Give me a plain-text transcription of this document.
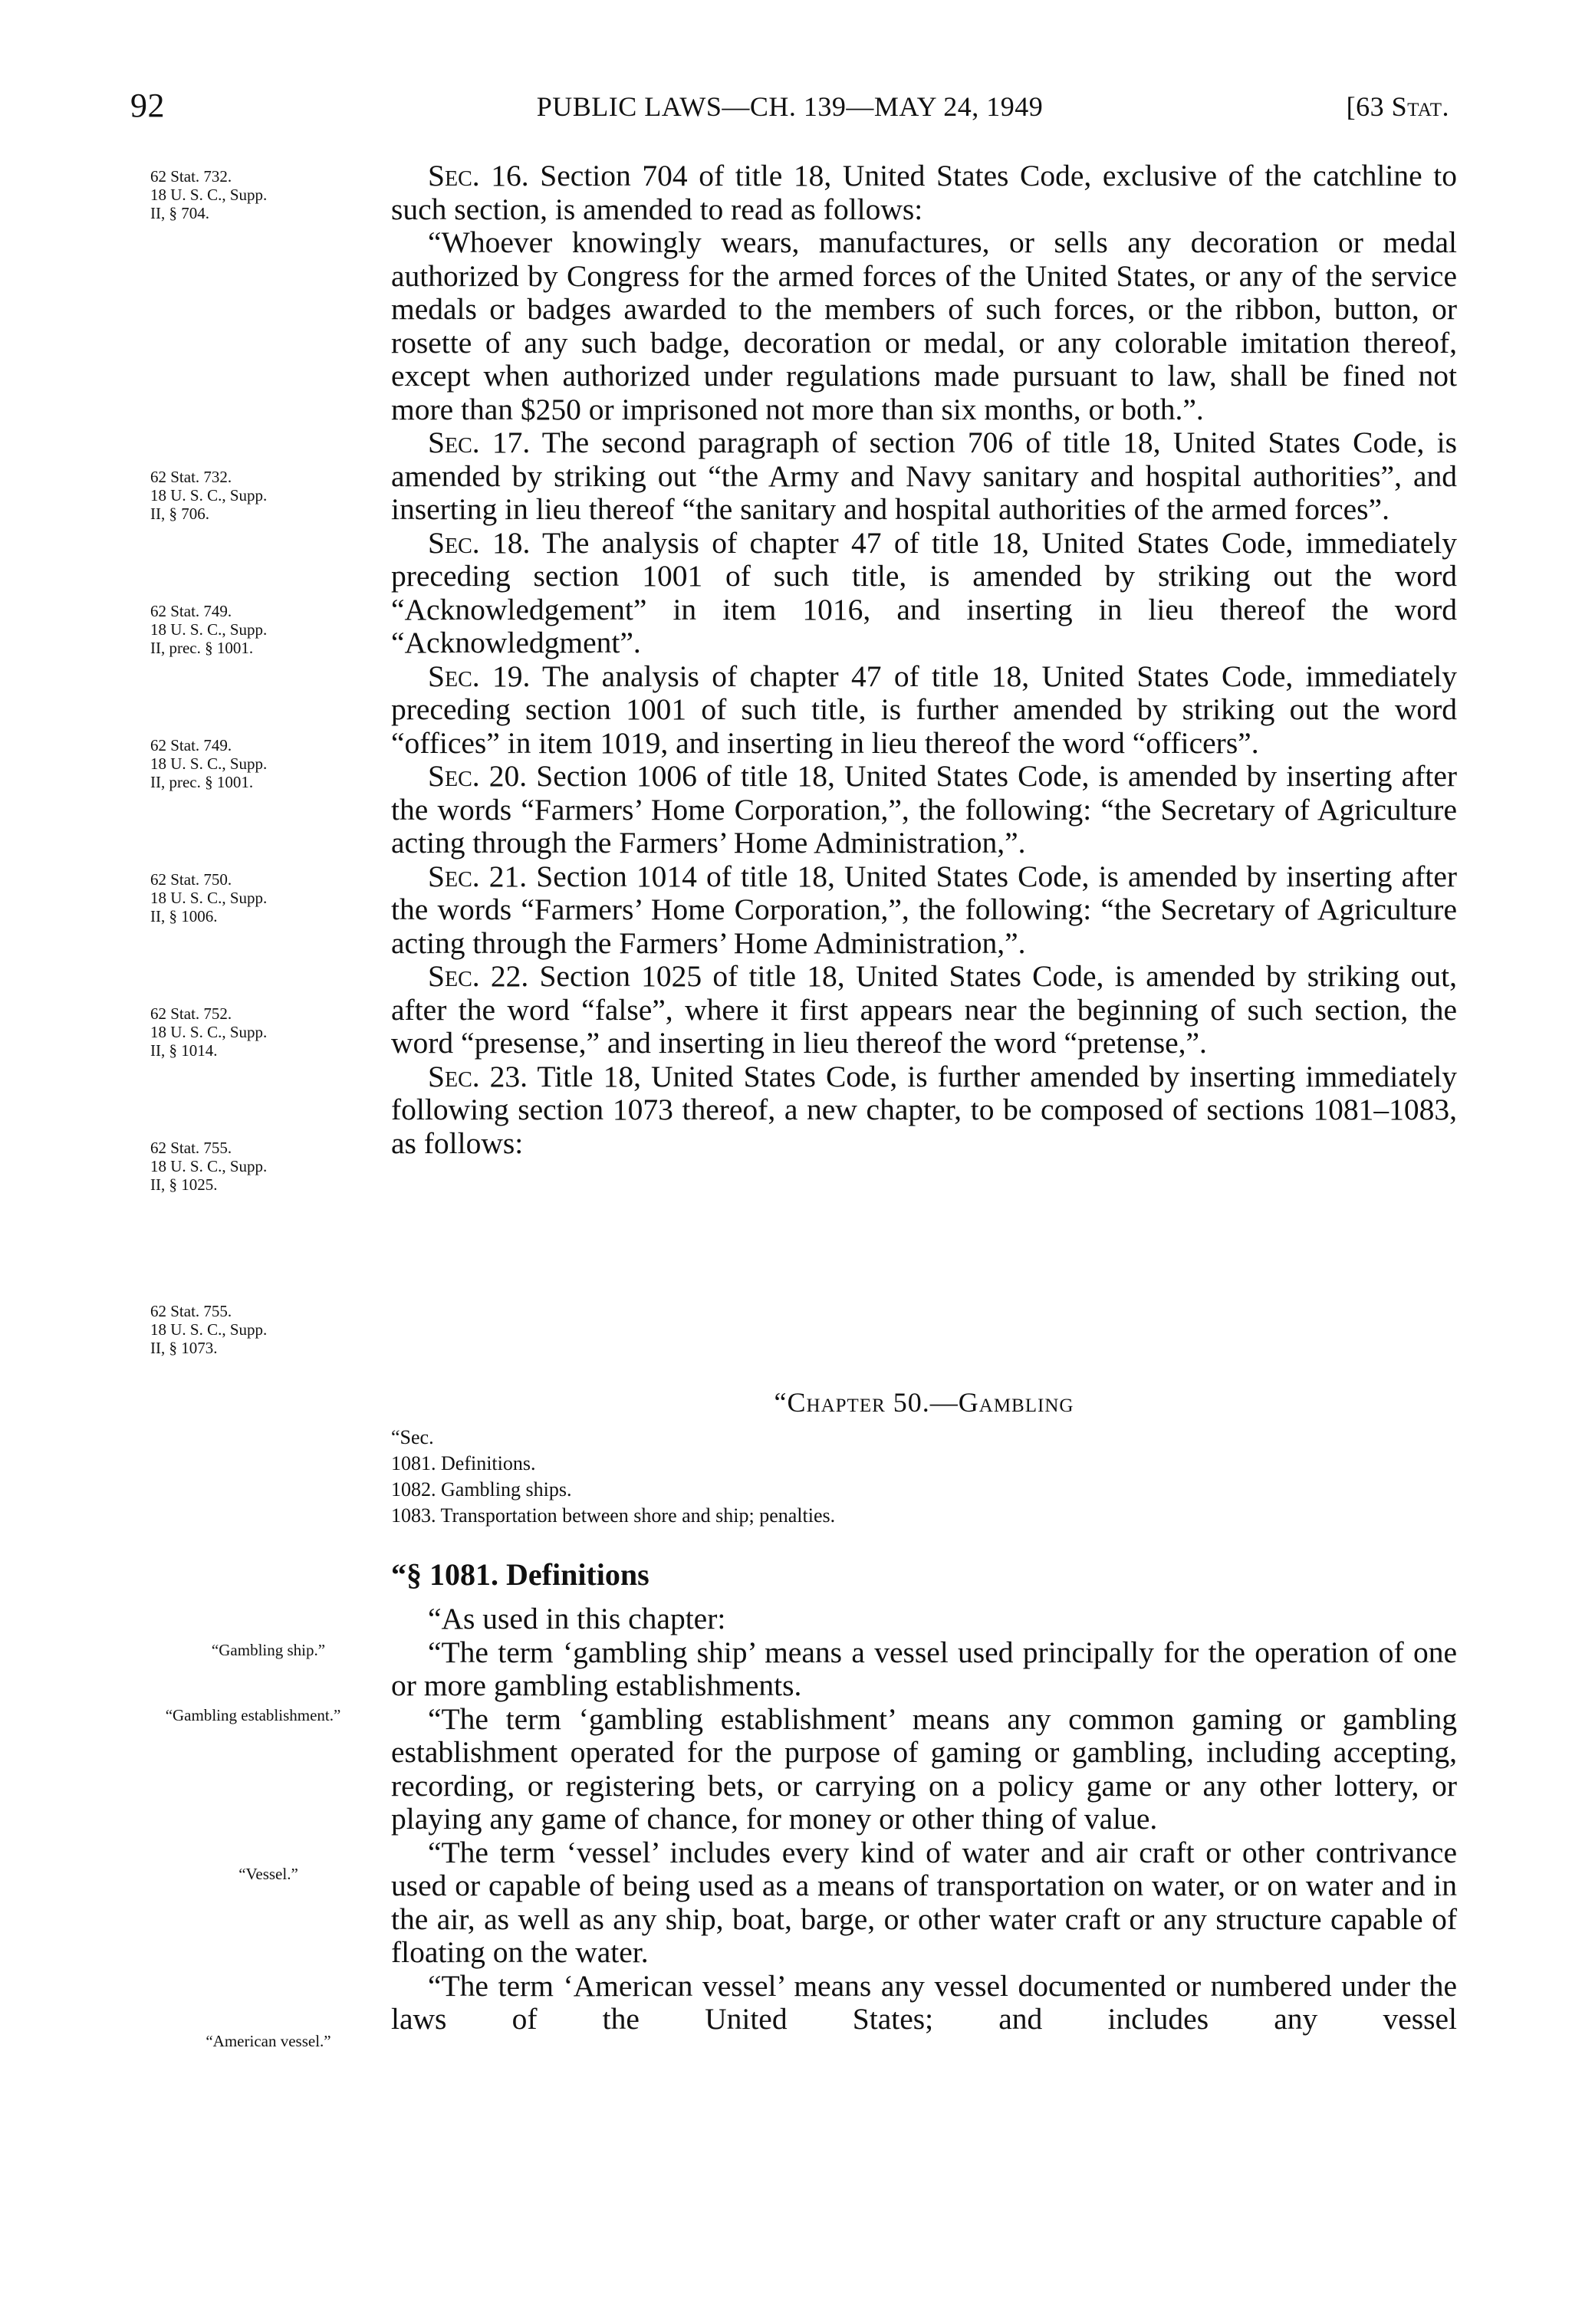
92	PUBLIC LAWS—CH. 139—MAY 24, 1949	[63 Stat.
62 Stat. 732.
18 U. S. C., Supp.
II, § 704.
62 Stat. 732.
18 U. S. C., Supp.
II, § 706.
62 Stat. 749.
18 U. S. C., Supp.
II, prec. § 1001.
62 Stat. 749.
18 U. S. C., Supp.
II, prec. § 1001.
62 Stat. 750.
18 U. S. C., Supp.
II, § 1006.
62 Stat. 752.
18 U. S. C., Supp.
II, § 1014.
62 Stat. 755.
18 U. S. C., Supp.
II, § 1025.
62 Stat. 755.
18 U. S. C., Supp.
II, § 1073.
“Gambling ship.”
“Gambling establishment.”
“Vessel.”
“American vessel.”

Sec. 16. Section 704 of title 18, United States Code, exclusive of the catchline to such section, is amended to read as follows:

“Whoever knowingly wears, manufactures, or sells any decoration or medal authorized by Congress for the armed forces of the United States, or any of the service medals or badges awarded to the members of such forces, or the ribbon, button, or rosette of any such badge, decoration or medal, or any colorable imitation thereof, except when authorized under regulations made pursuant to law, shall be fined not more than $250 or imprisoned not more than six months, or both.”.

Sec. 17. The second paragraph of section 706 of title 18, United States Code, is amended by striking out “the Army and Navy sanitary and hospital authorities”, and inserting in lieu thereof “the sanitary and hospital authorities of the armed forces”.

Sec. 18. The analysis of chapter 47 of title 18, United States Code, immediately preceding section 1001 of such title, is amended by striking out the word “Acknowledgement” in item 1016, and inserting in lieu thereof the word “Acknowledgment”.

Sec. 19. The analysis of chapter 47 of title 18, United States Code, immediately preceding section 1001 of such title, is further amended by striking out the word “offices” in item 1019, and inserting in lieu thereof the word “officers”.

Sec. 20. Section 1006 of title 18, United States Code, is amended by inserting after the words “Farmers’ Home Corporation,”, the following: “the Secretary of Agriculture acting through the Farmers’ Home Administration,”.

Sec. 21. Section 1014 of title 18, United States Code, is amended by inserting after the words “Farmers’ Home Corporation,”, the following: “the Secretary of Agriculture acting through the Farmers’ Home Administration,”.

Sec. 22. Section 1025 of title 18, United States Code, is amended by striking out, after the word “false”, where it first appears near the beginning of such section, the word “presense,” and inserting in lieu thereof the word “pretense,”.

Sec. 23. Title 18, United States Code, is further amended by inserting immediately following section 1073 thereof, a new chapter, to be composed of sections 1081–1083, as follows:

“Chapter 50.—Gambling
“Sec.
1081. Definitions.
1082. Gambling ships.
1083. Transportation between shore and ship; penalties.
“§ 1081. Definitions

“As used in this chapter:

“The term ‘gambling ship’ means a vessel used principally for the operation of one or more gambling establishments.

“The term ‘gambling establishment’ means any common gaming or gambling establishment operated for the purpose of gaming or gambling, including accepting, recording, or registering bets, or carrying on a policy game or any other lottery, or playing any game of chance, for money or other thing of value.

“The term ‘vessel’ includes every kind of water and air craft or other contrivance used or capable of being used as a means of transportation on water, or on water and in the air, as well as any ship, boat, barge, or other water craft or any structure capable of floating on the water.

“The term ‘American vessel’ means any vessel documented or numbered under the laws of the United States; and includes any vessel
